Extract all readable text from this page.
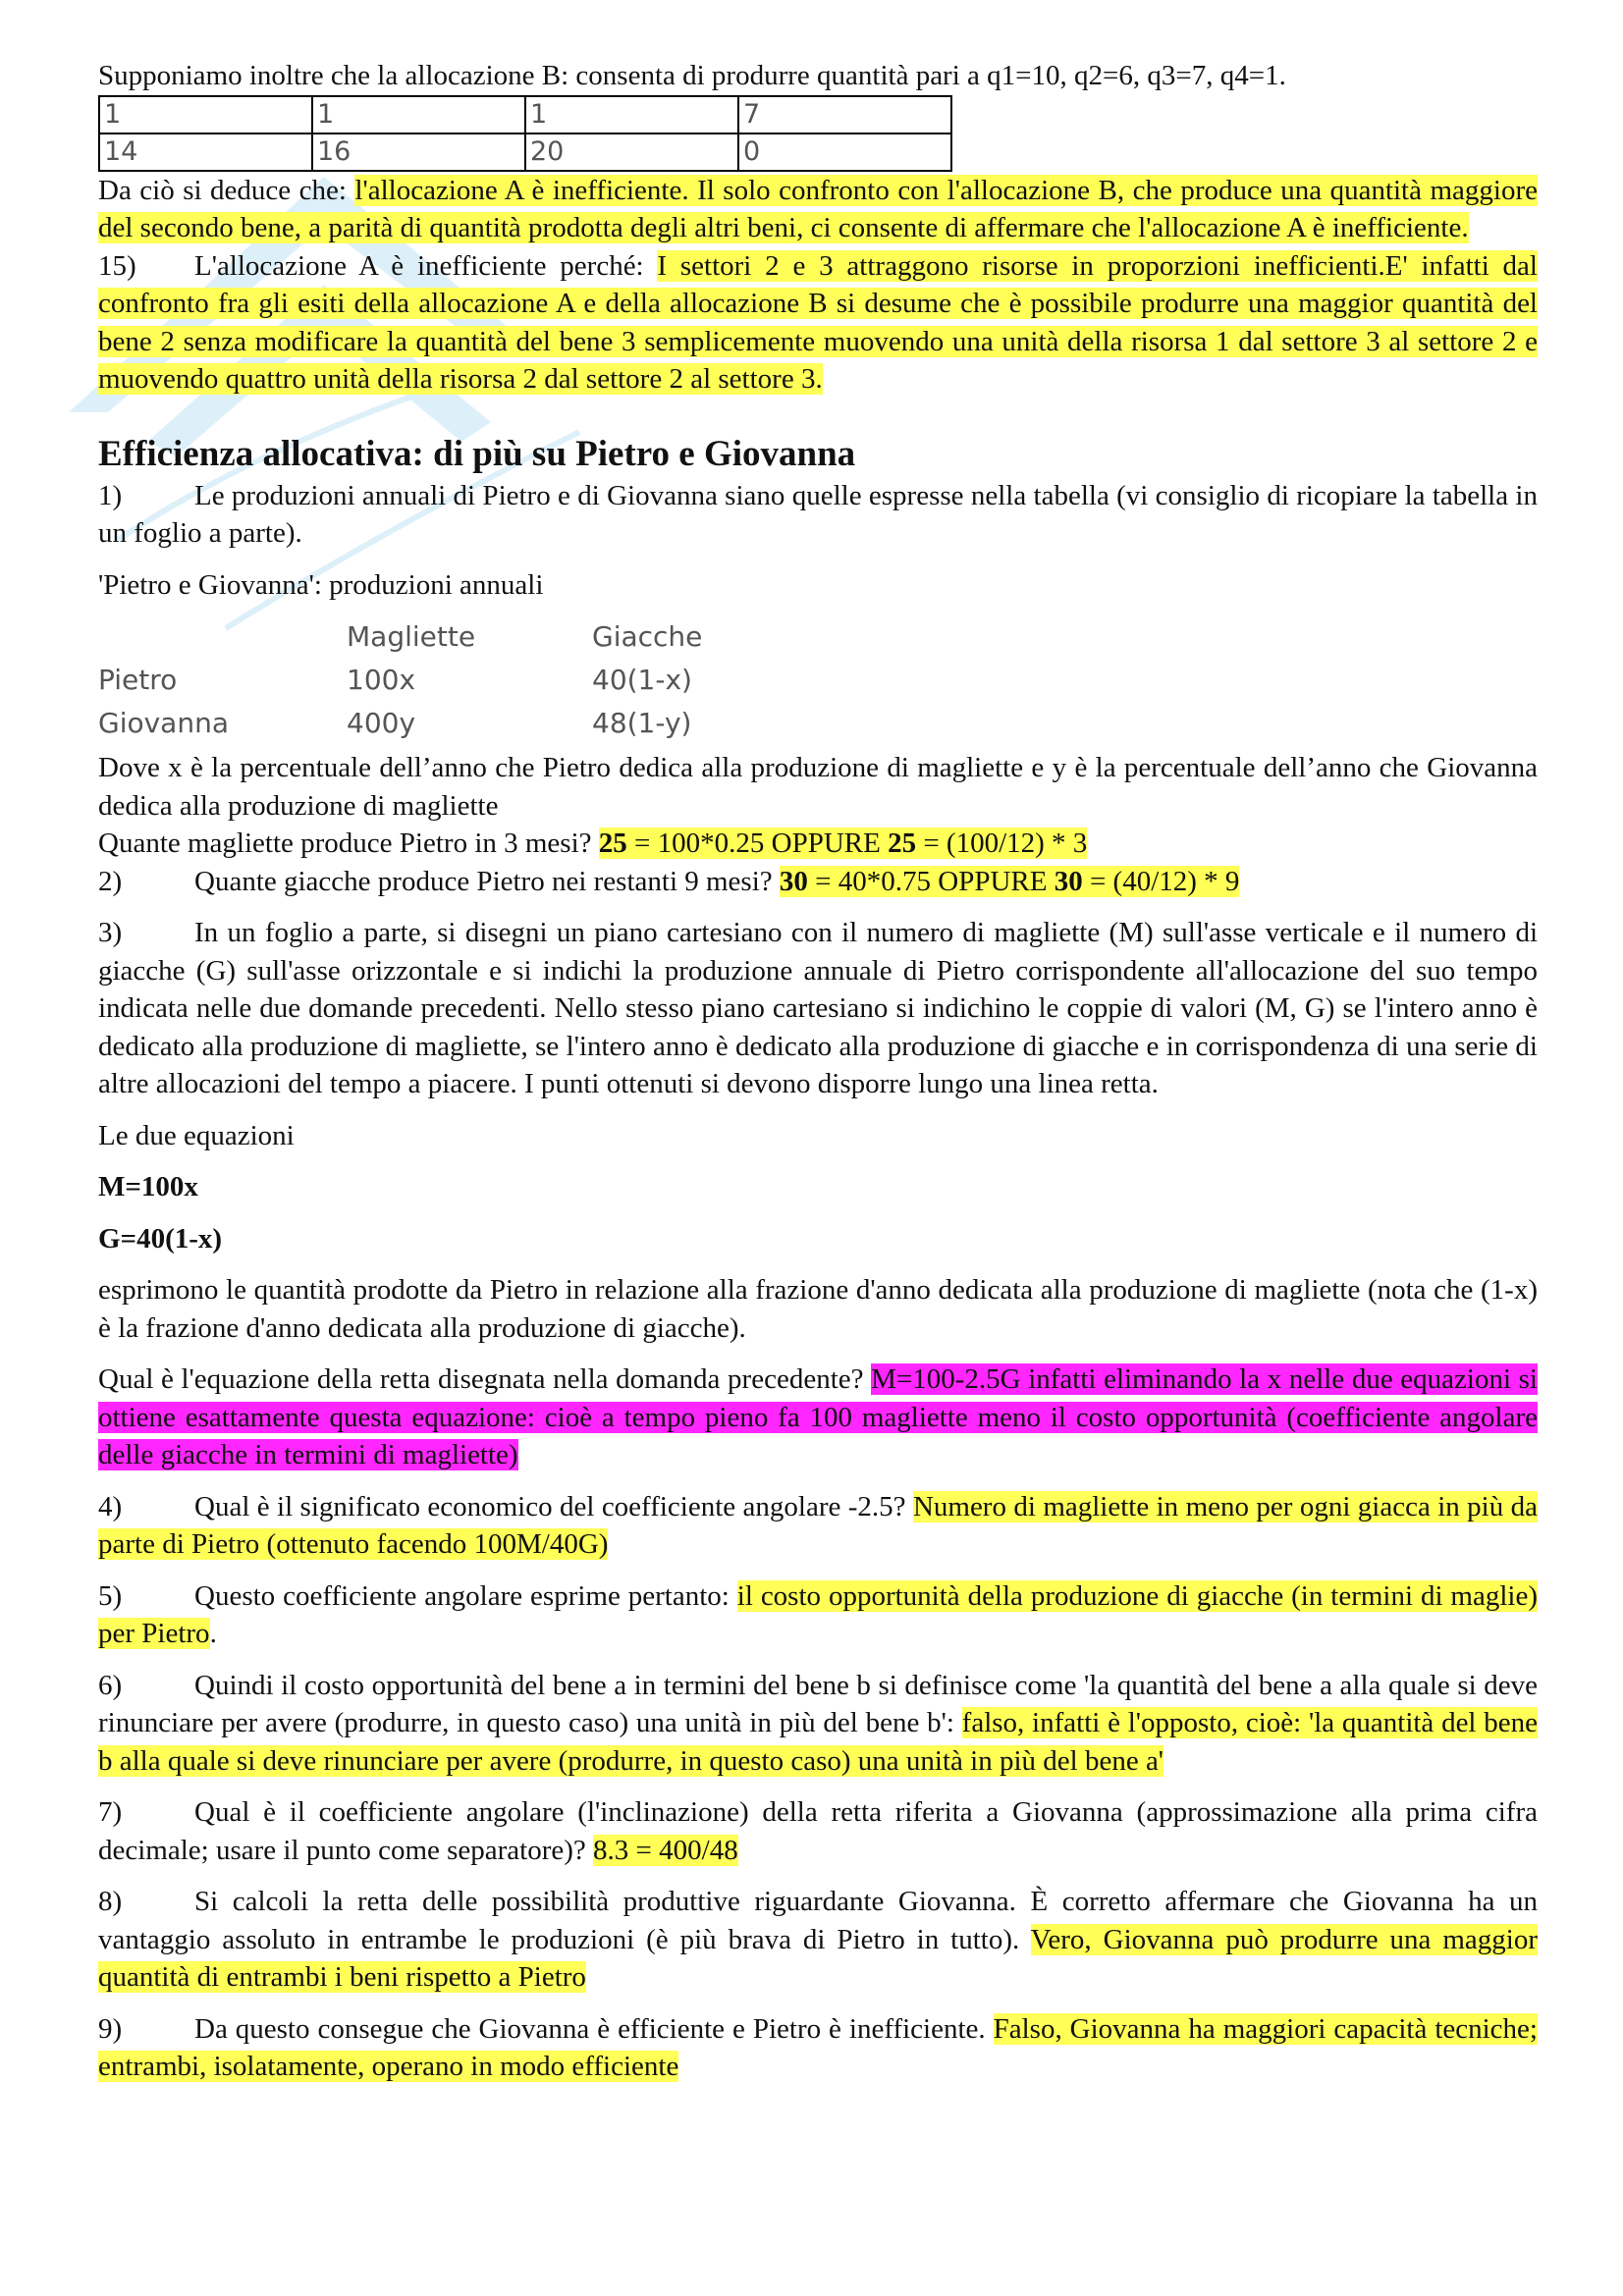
Supponiamo inoltre che la allocazione B: consenta di produrre quantità pari a q1=10, q2=6, q3=7, q4=1.

1	1	1	7
14	16	20	0

Da ciò si deduce che: l'allocazione A è inefficiente. Il solo confronto con l'allocazione B, che produce una quantità maggiore del secondo bene, a parità di quantità prodotta degli altri beni, ci consente di affermare che l'allocazione A è inefficiente.

15) L'allocazione A è inefficiente perché: I settori 2 e 3 attraggono risorse in proporzioni inefficienti.E' infatti dal confronto fra gli esiti della allocazione A e della allocazione B si desume che è possibile produrre una maggior quantità del bene 2 senza modificare la quantità del bene 3 semplicemente muovendo una unità della risorsa 1 dal settore 3 al settore 2 e muovendo quattro unità della risorsa 2 dal settore 2 al settore 3.

Efficienza allocativa: di più su Pietro e Giovanna

1)	Le produzioni annuali di Pietro e di Giovanna siano quelle espresse nella tabella (vi consiglio di ricopiare la tabella in un foglio a parte).

'Pietro e Giovanna': produzioni annuali

	Magliette	Giacche
Pietro	100x	40(1-x)
Giovanna	400y	48(1-y)

Dove x è la percentuale dell’anno che Pietro dedica alla produzione di magliette e y è la percentuale dell’anno che Giovanna dedica alla produzione di magliette

Quante magliette produce Pietro in 3 mesi? 25 = 100*0.25 OPPURE 25 = (100/12) * 3

2)	Quante giacche produce Pietro nei restanti 9 mesi? 30 = 40*0.75 OPPURE 30 = (40/12) * 9

3)	In un foglio a parte, si disegni un piano cartesiano con il numero di magliette (M) sull'asse verticale e il numero di giacche (G) sull'asse orizzontale e si indichi la produzione annuale di Pietro corrispondente all'allocazione del suo tempo indicata nelle due domande precedenti. Nello stesso piano cartesiano si indichino le coppie di valori (M, G) se l'intero anno è dedicato alla produzione di magliette, se l'intero anno è dedicato alla produzione di giacche e in corrispondenza di una serie di altre allocazioni del tempo a piacere. I punti ottenuti si devono disporre lungo una linea retta.

Le due equazioni

M=100x

G=40(1-x)

esprimono le quantità prodotte da Pietro in relazione alla frazione d'anno dedicata alla produzione di magliette (nota che (1-x) è la frazione d'anno dedicata alla produzione di giacche).

Qual è l'equazione della retta disegnata nella domanda precedente? M=100-2.5G infatti eliminando la x nelle due equazioni si ottiene esattamente questa equazione: cioè a tempo pieno fa 100 magliette meno il costo opportunità (coefficiente angolare delle giacche in termini di magliette)

4)	Qual è il significato economico del coefficiente angolare -2.5? Numero di magliette in meno per ogni giacca in più da parte di Pietro (ottenuto facendo 100M/40G)

5)	Questo coefficiente angolare esprime pertanto: il costo opportunità della produzione di giacche (in termini di maglie) per Pietro.

6)	Quindi il costo opportunità del bene a in termini del bene b si definisce come 'la quantità del bene a alla quale si deve rinunciare per avere (produrre, in questo caso) una unità in più del bene b': falso, infatti è l'opposto, cioè: 'la quantità del bene b alla quale si deve rinunciare per avere (produrre, in questo caso) una unità in più del bene a'

7)	Qual è il coefficiente angolare (l'inclinazione) della retta riferita a Giovanna (approssimazione alla prima cifra decimale; usare il punto come separatore)? 8.3 = 400/48

8)	Si calcoli la retta delle possibilità produttive riguardante Giovanna. È corretto affermare che Giovanna ha un vantaggio assoluto in entrambe le produzioni (è più brava di Pietro in tutto). Vero, Giovanna può produrre una maggior quantità di entrambi i beni rispetto a Pietro

9)	Da questo consegue che Giovanna è efficiente e Pietro è inefficiente. Falso, Giovanna ha maggiori capacità tecniche; entrambi, isolatamente, operano in modo efficiente
